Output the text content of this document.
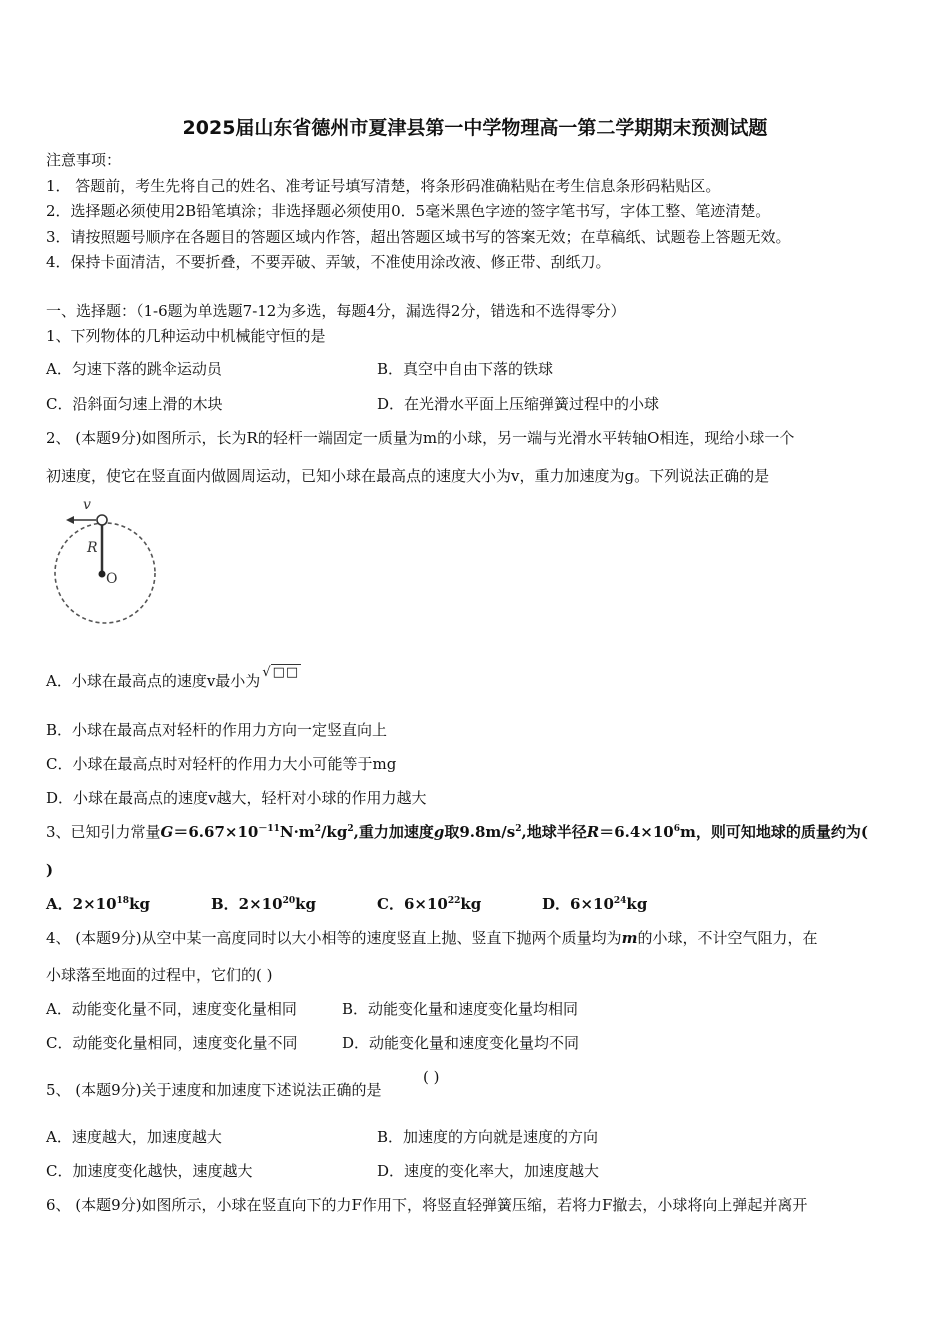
2025届山东省德州市夏津县第一中学物理高一第二学期期末预测试题
注意事项：
1． 答题前，考生先将自己的姓名、准考证号填写清楚，将条形码准确粘贴在考生信息条形码粘贴区。
2．选择题必须使用2B铅笔填涂；非选择题必须使用0．5毫米黑色字迹的签字笔书写，字体工整、笔迹清楚。
3．请按照题号顺序在各题目的答题区域内作答，超出答题区域书写的答案无效；在草稿纸、试题卷上答题无效。
4．保持卡面清洁，不要折叠，不要弄破、弄皱，不准使用涂改液、修正带、刮纸刀。
一、选择题：（1-6题为单选题7-12为多选，每题4分，漏选得2分，错选和不选得零分）
1、下列物体的几种运动中机械能守恒的是
A．匀速下落的跳伞运动员	B．真空中自由下落的铁球
C．沿斜面匀速上滑的木块	D．在光滑水平面上压缩弹簧过程中的小球
2、 (本题9分)如图所示，长为R的轻杆一端固定一质量为m的小球，另一端与光滑水平转轴O相连，现给小球一个
初速度，使它在竖直面内做圆周运动，已知小球在最高点的速度大小为v，重力加速度为g。下列说法正确的是
v
R
O
A．小球在最高点的速度v最小为 √ □□
B．小球在最高点对轻杆的作用力方向一定竖直向上
C．小球在最高点时对轻杆的作用力大小可能等于mg
D．小球在最高点的速度v越大，轻杆对小球的作用力越大
3、已知引力常量$G=6.67\times 10^{-11}N\cdot m^2/kg^2$,重力加速度g取$9.8m/s^2$,地球半径$R=6.4\times 10^6m$，则可知地球的质量约为(
)
A．$2\times 10^{18}kg$	B．$2\times 10^{20}kg$	C．$6\times 10^{22}kg$	D．$6\times 10^{24}kg$
4、 (本题9分)从空中某一高度同时以大小相等的速度竖直上抛、竖直下抛两个质量均为m的小球，不计空气阻力，在
小球落至地面的过程中，它们的( )
A．动能变化量不同，速度变化量相同	B．动能变化量和速度变化量均相同
C．动能变化量相同，速度变化量不同	D．动能变化量和速度变化量均不同
5、 (本题9分)关于速度和加速度下述说法正确的是
( )
A．速度越大，加速度越大	B．加速度的方向就是速度的方向
C．加速度变化越快，速度越大	D．速度的变化率大，加速度越大
6、 (本题9分)如图所示，小球在竖直向下的力F作用下，将竖直轻弹簧压缩，若将力F撤去，小球将向上弹起并离开
